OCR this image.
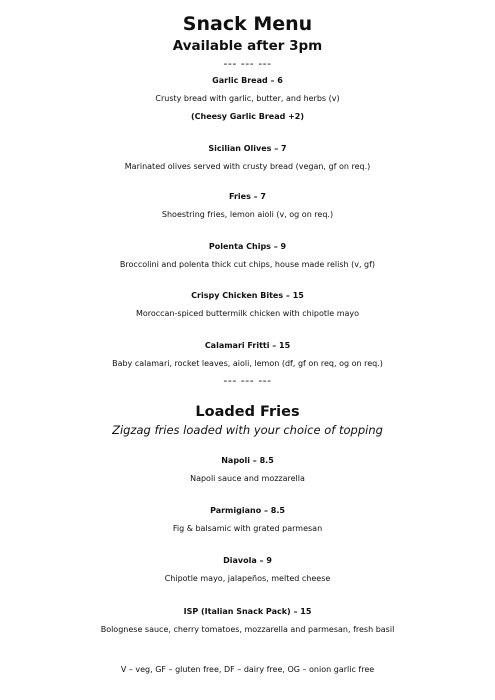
Snack Menu
Available after 3pm
--- --- ---
Garlic Bread – 6
Crusty bread with garlic, butter, and herbs (v)
(Cheesy Garlic Bread +2)
Sicilian Olives – 7
Marinated olives served with crusty bread (vegan, gf on req.)
Fries – 7
Shoestring fries, lemon aioli (v, og on req.)
Polenta Chips – 9
Broccolini and polenta thick cut chips, house made relish (v, gf)
Crispy Chicken Bites – 15
Moroccan-spiced buttermilk chicken with chipotle mayo
Calamari Fritti – 15
Baby calamari, rocket leaves, aioli, lemon (df, gf on req, og on req.)
--- --- ---
Loaded Fries
Zigzag fries loaded with your choice of topping
Napoli – 8.5
Napoli sauce and mozzarella
Parmigiano – 8.5
Fig & balsamic with grated parmesan
Diavola – 9
Chipotle mayo, jalapeños, melted cheese
ISP (Italian Snack Pack) – 15
Bolognese sauce, cherry tomatoes, mozzarella and parmesan, fresh basil
V – veg, GF – gluten free, DF – dairy free, OG – onion garlic free
